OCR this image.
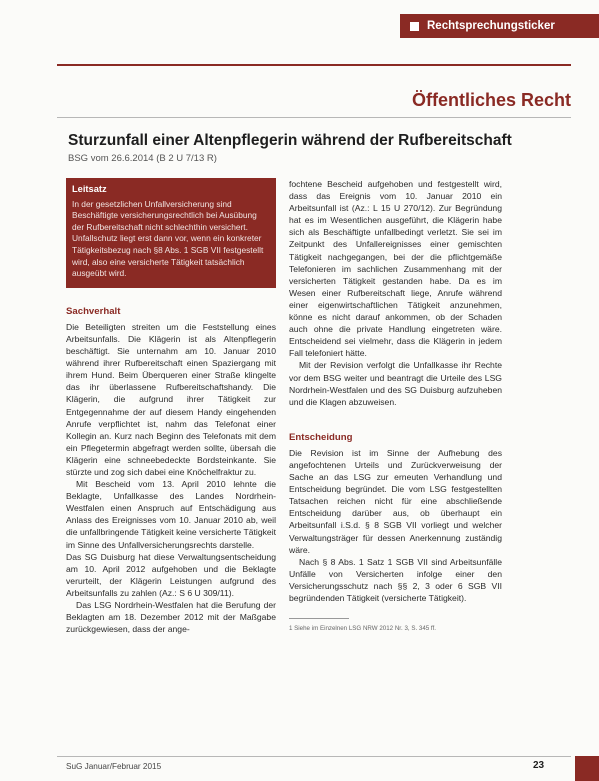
Rechtsprechungsticker
Öffentliches Recht
Sturzunfall einer Altenpflegerin während der Rufbereitschaft
BSG vom 26.6.2014 (B 2 U 7/13 R)
Leitsatz
In der gesetzlichen Unfallversicherung sind Beschäftigte versicherungsrechtlich bei Ausübung der Rufbereitschaft nicht schlechthin versichert. Unfallschutz liegt erst dann vor, wenn ein konkreter Tätigkeitsbezug nach §8 Abs. 1 SGB VII festgestellt wird, also eine versicherte Tätigkeit tatsächlich ausgeübt wird.
Sachverhalt

Die Beteiligten streiten um die Feststellung eines Arbeitsunfalls. Die Klägerin ist als Altenpflegerin beschäftigt. Sie unternahm am 10. Januar 2010 während ihrer Rufbereitschaft einen Spaziergang mit ihrem Hund. Beim Überqueren einer Straße klingelte das ihr überlassene Rufbereitschaftshandy. Die Klägerin, die aufgrund ihrer Tätigkeit zur Entgegennahme der auf diesem Handy eingehenden Anrufe verpflichtet ist, nahm das Telefonat einer Kollegin an. Kurz nach Beginn des Telefonats mit dem ein Pflegetermin abgefragt werden sollte, übersah die Klägerin eine schneebedeckte Bordsteinkante. Sie stürzte und zog sich dabei eine Knöchelfraktur zu.

Mit Bescheid vom 13. April 2010 lehnte die Beklagte, Unfallkasse des Landes Nordrhein-Westfalen einen Anspruch auf Entschädigung aus Anlass des Ereignisses vom 10. Januar 2010 ab, weil die unfallbringende Tätigkeit keine versicherte Tätigkeit im Sinne des Unfallversicherungsrechts darstelle.

Das SG Duisburg hat diese Verwaltungsentscheidung am 10. April 2012 aufgehoben und die Beklagte verurteilt, der Klägerin Leistungen aufgrund des Arbeitsunfalls zu zahlen (Az.: S 6 U 309/11).

Das LSG Nordrhein-Westfalen hat die Berufung der Beklagten am 18. Dezember 2012 mit der Maßgabe zurückgewiesen, dass der ange-

fochtene Bescheid aufgehoben und festgestellt wird, dass das Ereignis vom 10. Januar 2010 ein Arbeitsunfall ist (Az.: L 15 U 270/12). Zur Begründung hat es im Wesentlichen ausgeführt, die Klägerin habe sich als Beschäftigte unfallbedingt verletzt. Sie sei im Zeitpunkt des Unfallereignisses einer gemischten Tätigkeit nachgegangen, bei der die pflichtgemäße Telefonieren im sachlichen Zusammenhang mit der versicherten Tätigkeit gestanden habe. Da es im Wesen einer Rufbereitschaft liege, Anrufe während einer eigenwirtschaftlichen Tätigkeit anzunehmen, könne es nicht darauf ankommen, ob der Schaden auch ohne die private Handlung eingetreten wäre. Entscheidend sei vielmehr, dass die Klägerin in jedem Fall telefoniert hätte.

Mit der Revision verfolgt die Unfallkasse ihr Rechte vor dem BSG weiter und beantragt die Urteile des LSG Nordrhein-Westfalen und des SG Duisburg aufzuheben und die Klagen abzuweisen.

Entscheidung

Die Revision ist im Sinne der Aufhebung des angefochtenen Urteils und Zurückverweisung der Sache an das LSG zur erneuten Verhandlung und Entscheidung begründet. Die vom LSG festgestellten Tatsachen reichen nicht für eine abschließende Entscheidung darüber aus, ob überhaupt ein Arbeitsunfall i.S.d. § 8 SGB VII vorliegt und welcher Verwaltungsträger für dessen Anerkennung zuständig wäre.

Nach § 8 Abs. 1 Satz 1 SGB VII sind Arbeitsunfälle Unfälle von Versicherten infolge einer den Versicherungsschutz nach §§ 2, 3 oder 6 SGB VII begründenden Tätigkeit (versicherte Tätigkeit).

1 Siehe im Einzelnen LSG NRW 2012 Nr. 3, S. 345 ff.
SuG Januar/Februar 2015	23
